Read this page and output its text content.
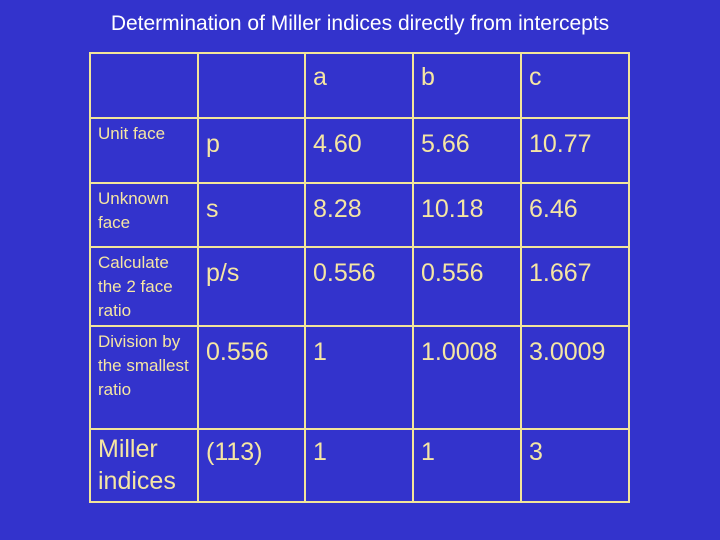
Determination of Miller indices directly from intercepts
		a	b	c
Unit face	p	4.60	5.66	10.77
Unknown face	s	8.28	10.18	6.46
Calculate the 2 face ratio	p/s	0.556	0.556	1.667
Division by the smallest ratio	0.556	1	1.0008	3.0009
Miller indices	(113)	1	1	3
